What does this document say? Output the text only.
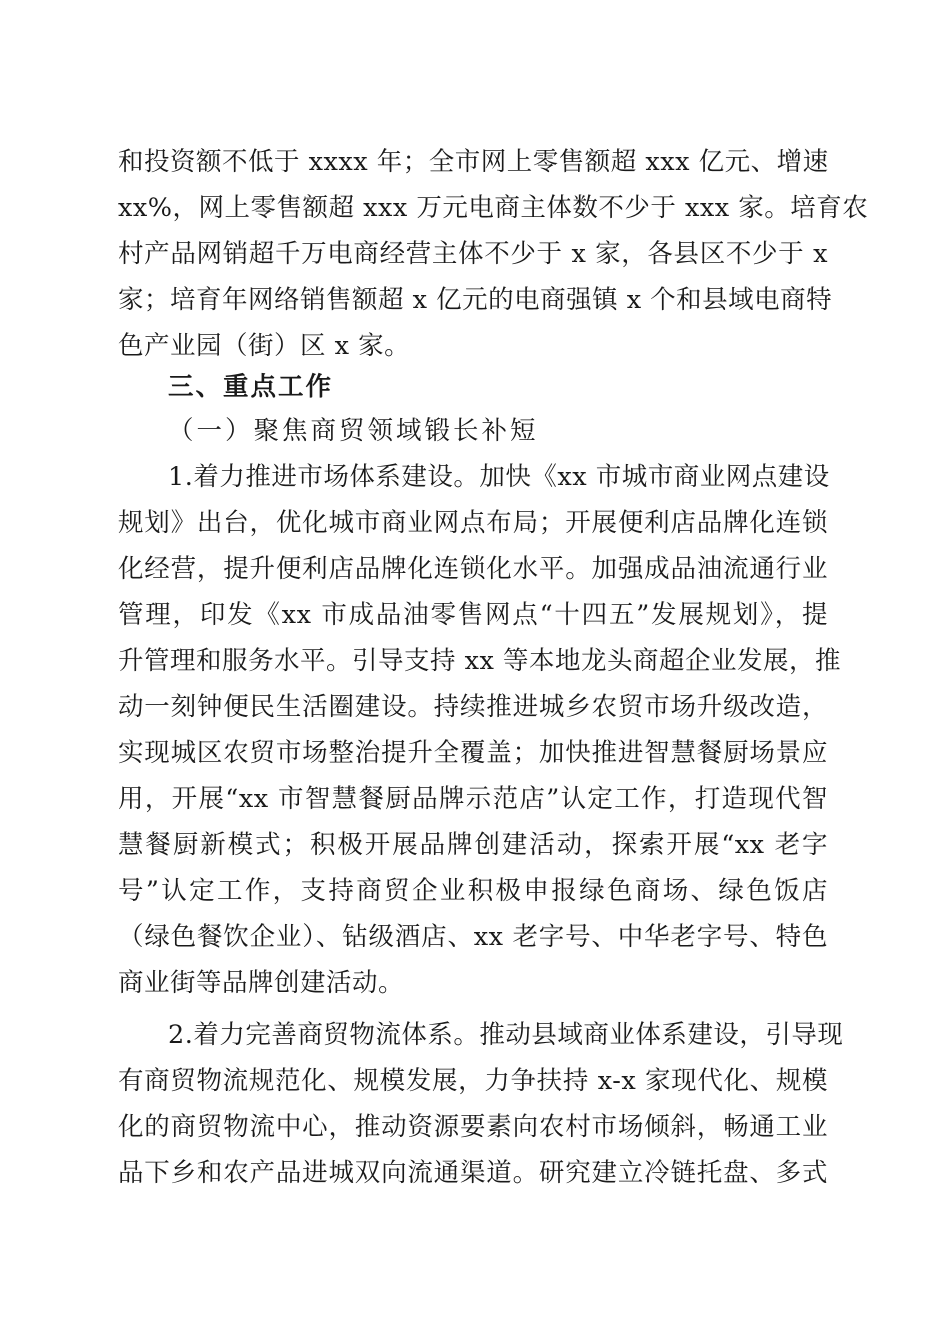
和投资额不低于 xxxx 年；全市网上零售额超 xxx 亿元、增速
xx%，网上零售额超 xxx 万元电商主体数不少于 xxx 家。培育农
村产品网销超千万电商经营主体不少于 x 家，各县区不少于 x
家；培育年网络销售额超 x 亿元的电商强镇 x 个和县域电商特
色产业园（街）区 x 家。
三、重点工作
（一）聚焦商贸领域锻长补短
1.着力推进市场体系建设。加快《xx 市城市商业网点建设
规划》出台，优化城市商业网点布局；开展便利店品牌化连锁
化经营，提升便利店品牌化连锁化水平。加强成品油流通行业
管理，印发《xx 市成品油零售网点“十四五”发展规划》，提
升管理和服务水平。引导支持 xx 等本地龙头商超企业发展，推
动一刻钟便民生活圈建设。持续推进城乡农贸市场升级改造，
实现城区农贸市场整治提升全覆盖；加快推进智慧餐厨场景应
用，开展“xx 市智慧餐厨品牌示范店”认定工作，打造现代智
慧餐厨新模式；积极开展品牌创建活动，探索开展“xx 老字
号”认定工作，支持商贸企业积极申报绿色商场、绿色饭店
（绿色餐饮企业）、钻级酒店、xx 老字号、中华老字号、特色
商业街等品牌创建活动。
2.着力完善商贸物流体系。推动县域商业体系建设，引导现
有商贸物流规范化、规模发展，力争扶持 x-x 家现代化、规模
化的商贸物流中心，推动资源要素向农村市场倾斜，畅通工业
品下乡和农产品进城双向流通渠道。研究建立冷链托盘、多式
